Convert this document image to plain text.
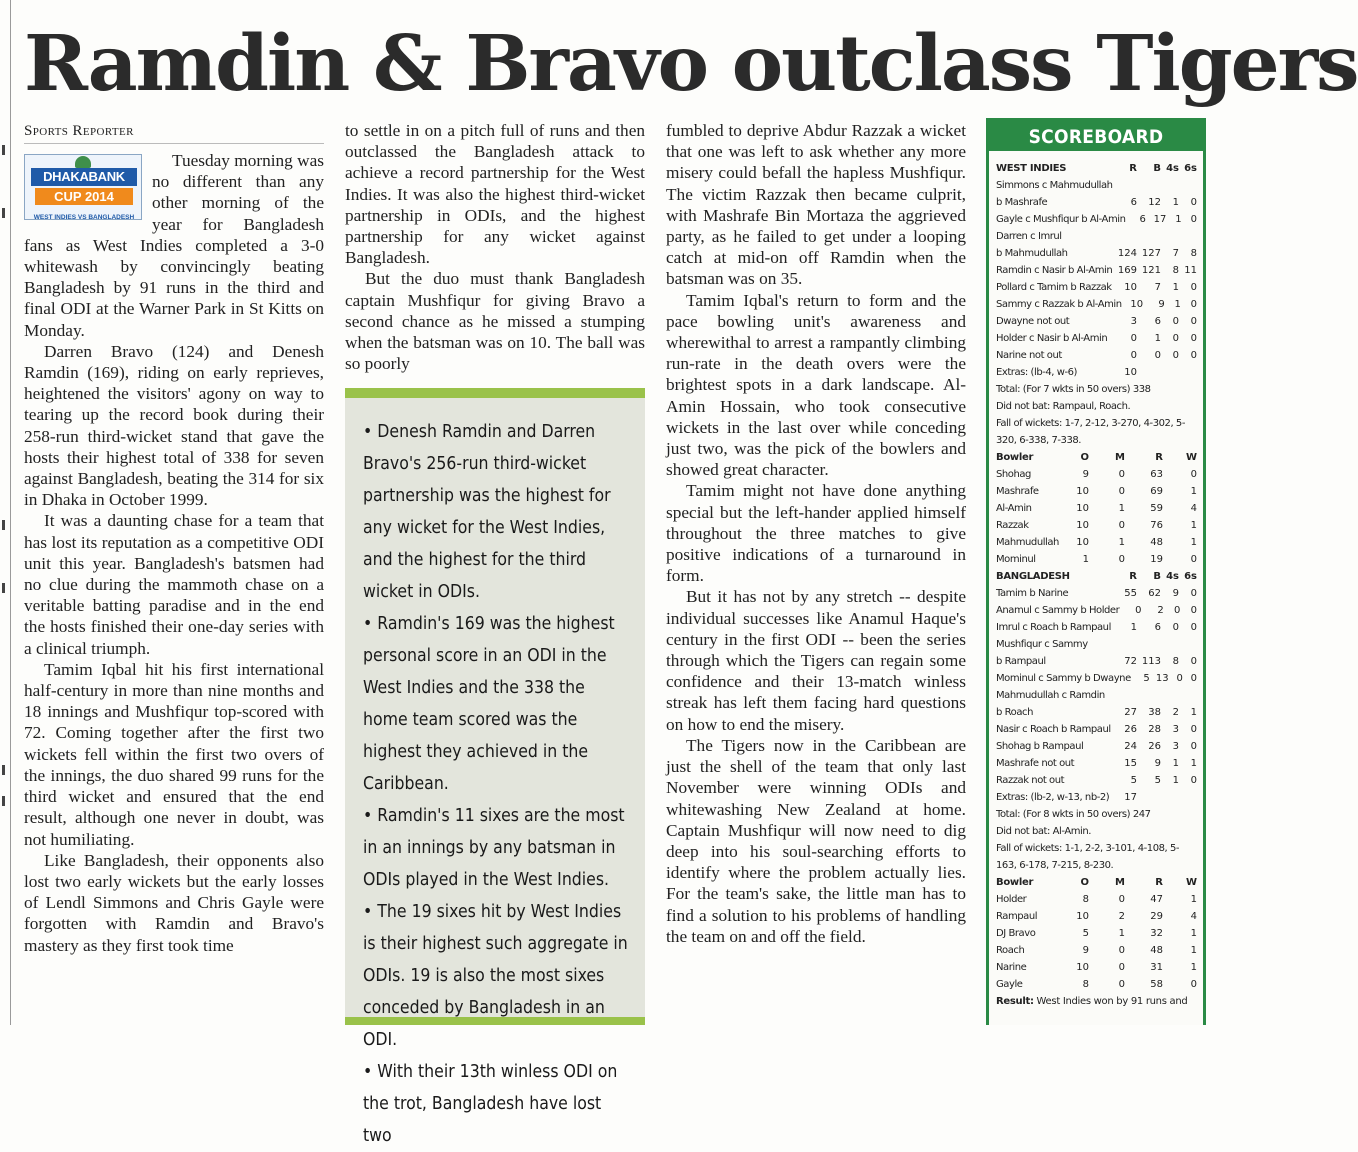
Ramdin & Bravo outclass Tigers
Sports Reporter
DHAKABANK
CUP 2014
WEST INDIES VS BANGLADESH

Tuesday morning was no different than any other morning of the year for Bangladesh fans as West Indies completed a 3-0 whitewash by convincingly beating Bangladesh by 91 runs in the third and final ODI at the Warner Park in St Kitts on Monday.

Darren Bravo (124) and Denesh Ramdin (169), riding on early reprieves, heightened the visitors' agony on way to tearing up the record book during their 258-run third-wicket stand that gave the hosts their highest total of 338 for seven against Bangladesh, beating the 314 for six in Dhaka in October 1999.

It was a daunting chase for a team that has lost its reputation as a competitive ODI unit this year. Bangladesh's batsmen had no clue during the mammoth chase on a veritable batting paradise and in the end the hosts finished their one-day series with a clinical triumph.

Tamim Iqbal hit his first international half-century in more than nine months and 18 innings and Mushfiqur top-scored with 72. Coming together after the first two wickets fell within the first two overs of the innings, the duo shared 99 runs for the third wicket and ensured that the end result, although one never in doubt, was not humiliating.

Like Bangladesh, their opponents also lost two early wickets but the early losses of Lendl Simmons and Chris Gayle were forgotten with Ramdin and Bravo's mastery as they first took time

to settle in on a pitch full of runs and then outclassed the Bangladesh attack to achieve a record partnership for the West Indies. It was also the highest third-wicket partnership in ODIs, and the highest partnership for any wicket against Bangladesh.

But the duo must thank Bangladesh captain Mushfiqur for giving Bravo a second chance as he missed a stumping when the batsman was on 10. The ball was so poorly

• Denesh Ramdin and Darren Bravo's 256-run third-wicket partnership was the highest for any wicket for the West Indies, and the highest for the third wicket in ODIs.

• Ramdin's 169 was the highest personal score in an ODI in the West Indies and the 338 the home team scored was the highest they achieved in the Caribbean.

• Ramdin's 11 sixes are the most in an innings by any batsman in ODIs played in the West Indies.

• The 19 sixes hit by West Indies is their highest such aggregate in ODIs. 19 is also the most sixes conceded by Bangladesh in an ODI.

• With their 13th winless ODI on the trot, Bangladesh have lost two

fumbled to deprive Abdur Razzak a wicket that one was left to ask whether any more misery could befall the hapless Mushfiqur. The victim Razzak then became culprit, with Mashrafe Bin Mortaza the aggrieved party, as he failed to get under a looping catch at mid-on off Ramdin when the batsman was on 35.

Tamim Iqbal's return to form and the pace bowling unit's awareness and wherewithal to arrest a rampantly climbing run-rate in the death overs were the brightest spots in a dark landscape. Al-Amin Hossain, who took consecutive wickets in the last over while conceding just two, was the pick of the bowlers and showed great character.

Tamim might not have done anything special but the left-hander applied himself throughout the three matches to give positive indications of a turnaround in form.

But it has not by any stretch -- despite individual successes like Anamul Haque's century in the first ODI -- been the series through which the Tigers can regain some confidence and their 13-match winless streak has left them facing hard questions on how to end the misery.

The Tigers now in the Caribbean are just the shell of the team that only last November were winning ODIs and whitewashing New Zealand at home. Captain Mushfiqur will now need to dig deep into his soul-searching efforts to identify where the problem actually lies. For the team's sake, the little man has to find a solution to his problems of handling the team on and off the field.

SCOREBOARD
WEST INDIES	R	B 4s 6s
Simmons c Mahmudullah
b Mashrafe	6	12	1	0
Gayle c Mushfiqur b Al-Amin	6 17 1 0
Darren c Imrul
b Mahmudullah	124 127	7	8
Ramdin c Nasir b Al-Amin 169 121	8 11
Pollard c Tamim b Razzak	10	7	1	0
Sammy c Razzak b Al-Amin 10	9 1 0
Dwayne not out	3	6	0	0
Holder c Nasir b Al-Amin	0	1	0	0
Narine not out	0	0	0	0
Extras: (lb-4, w-6)	10
Total: (For 7 wkts in 50 overs) 338
Did not bat: Rampaul, Roach.
Fall of wickets: 1-7, 2-12, 3-270, 4-302, 5-320, 6-338, 7-338.
Bowler	O	M	R	W
Shohag	9	0	63	0
Mashrafe	10	0	69	1
Al-Amin	10	1	59	4
Razzak	10	0	76	1
Mahmudullah	10	1	48	1
Mominul	1	0	19	0
BANGLADESH	R	B 4s 6s
Tamim b Narine	55	62	9	0
Anamul c Sammy b Holder	0	2	0	0
Imrul c Roach b Rampaul	1	6	0	0
Mushfiqur c Sammy
b Rampaul	72 113	8	0
Mominul c Sammy b Dwayne	5 13 0 0
Mahmudullah c Ramdin
b Roach	27	38	2	1
Nasir c Roach b Rampaul	26	28	3	0
Shohag b Rampaul	24	26	3	0
Mashrafe not out	15	9	1	1
Razzak not out	5	5	1	0
Extras: (lb-2, w-13, nb-2)	17
Total: (For 8 wkts in 50 overs) 247
Did not bat: Al-Amin.
Fall of wickets: 1-1, 2-2, 3-101, 4-108, 5-163, 6-178, 7-215, 8-230.
Bowler	O	M	R	W
Holder	8	0	47	1
Rampaul	10	2	29	4
DJ Bravo	5	1	32	1
Roach	9	0	48	1
Narine	10	0	31	1
Gayle	8	0	58	0
Result: West Indies won by 91 runs and
